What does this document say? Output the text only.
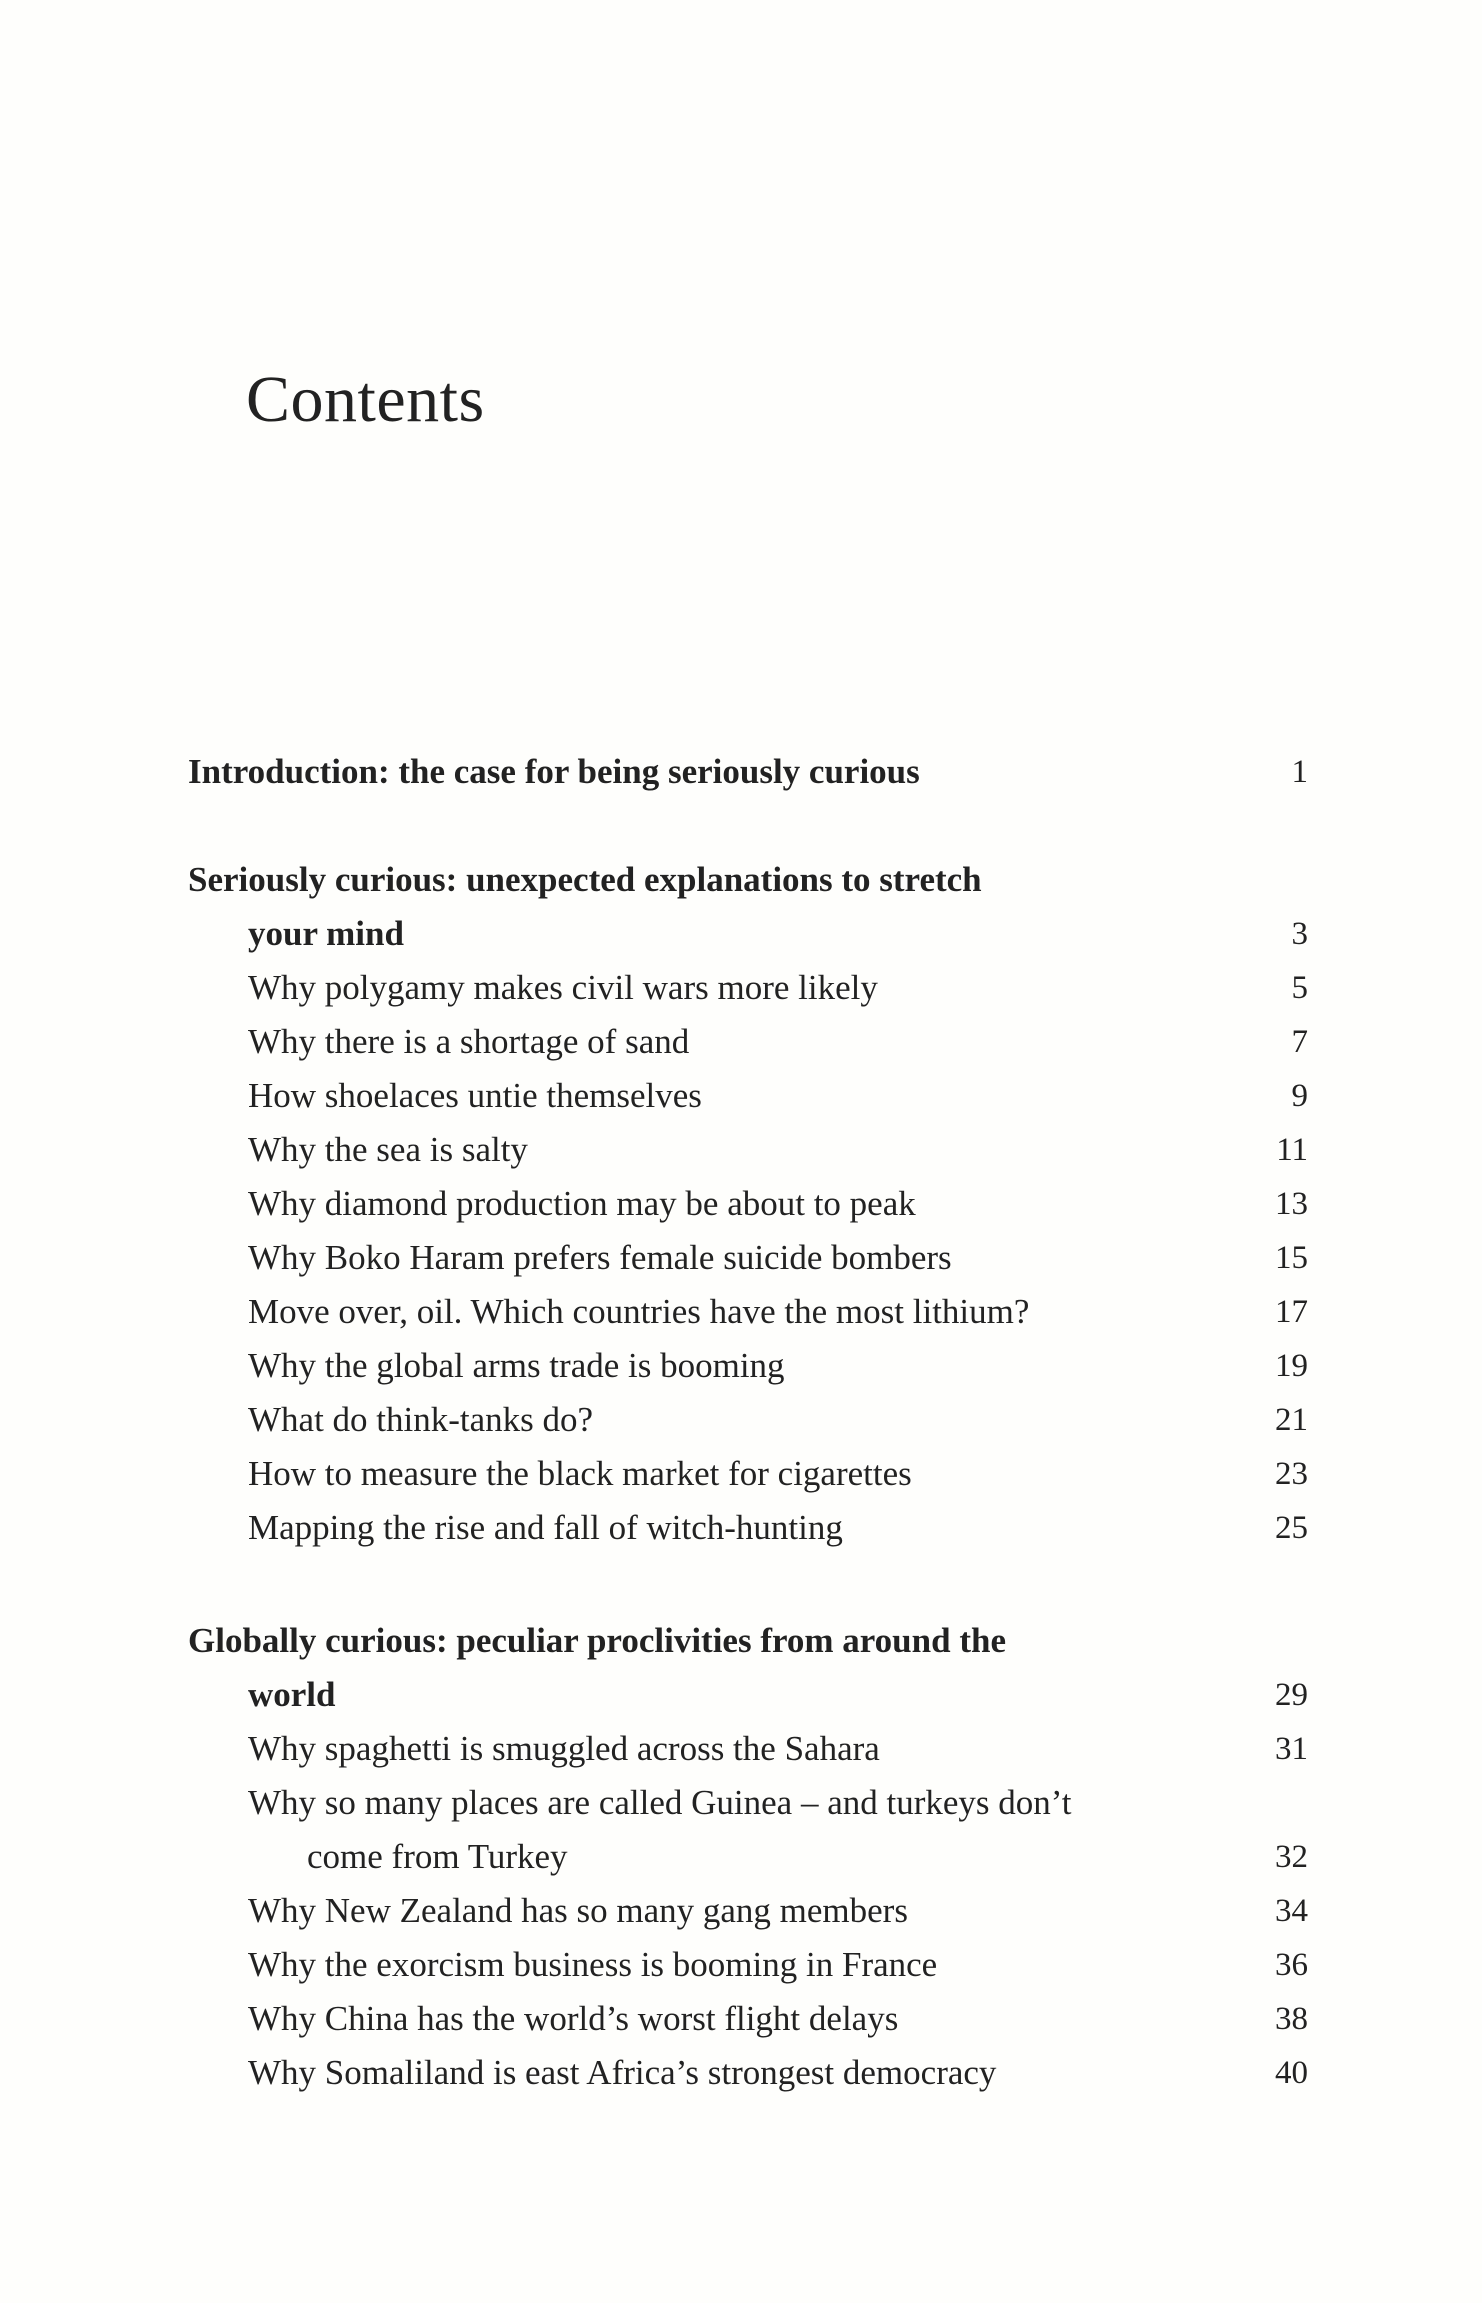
Contents
Introduction: the case for being seriously curious	1
Seriously curious: unexpected explanations to stretch
your mind	3
Why polygamy makes civil wars more likely	5
Why there is a shortage of sand	7
How shoelaces untie themselves	9
Why the sea is salty	11
Why diamond production may be about to peak	13
Why Boko Haram prefers female suicide bombers	15
Move over, oil. Which countries have the most lithium?	17
Why the global arms trade is booming	19
What do think-tanks do?	21
How to measure the black market for cigarettes	23
Mapping the rise and fall of witch-hunting	25
Globally curious: peculiar proclivities from around the
world	29
Why spaghetti is smuggled across the Sahara	31
Why so many places are called Guinea – and turkeys don’t
come from Turkey	32
Why New Zealand has so many gang members	34
Why the exorcism business is booming in France	36
Why China has the world’s worst flight delays	38
Why Somaliland is east Africa’s strongest democracy	40
